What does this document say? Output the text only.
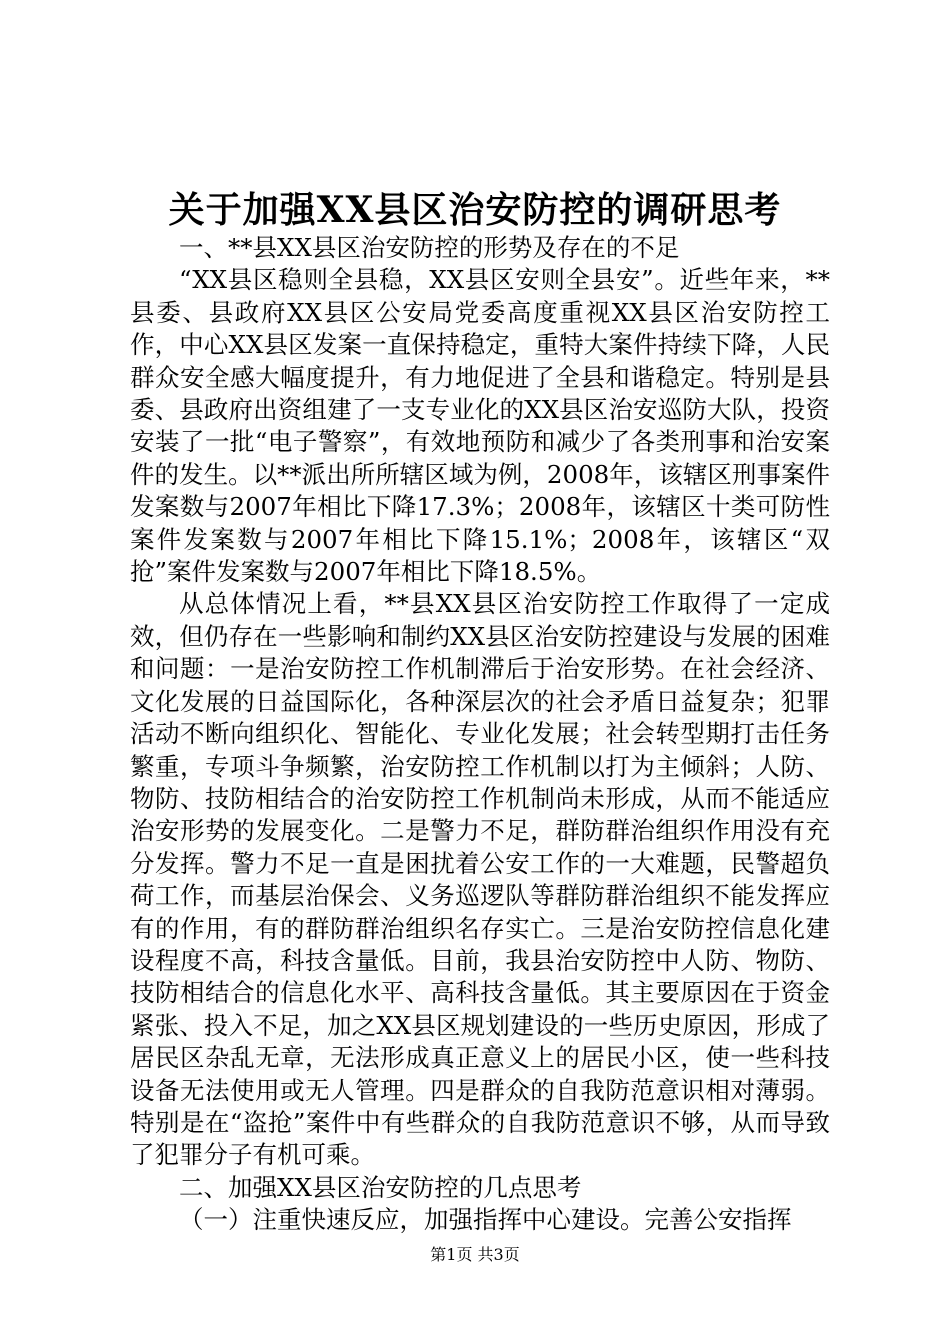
关于加强XX县区治安防控的调研思考

一、**县XX县区治安防控的形势及存在的不足

“XX县区稳则全县稳，XX县区安则全县安”。近些年来，**县委、县政府XX县区公安局党委高度重视XX县区治安防控工作，中心XX县区发案一直保持稳定，重特大案件持续下降，人民群众安全感大幅度提升，有力地促进了全县和谐稳定。特别是县委、县政府出资组建了一支专业化的XX县区治安巡防大队，投资安装了一批“电子警察”，有效地预防和减少了各类刑事和治安案件的发生。以**派出所所辖区域为例，2008年，该辖区刑事案件发案数与2007年相比下降17.3%；2008年，该辖区十类可防性案件发案数与2007年相比下降15.1%；2008年，该辖区“双抢”案件发案数与2007年相比下降18.5%。

从总体情况上看，**县XX县区治安防控工作取得了一定成效，但仍存在一些影响和制约XX县区治安防控建设与发展的困难和问题：一是治安防控工作机制滞后于治安形势。在社会经济、文化发展的日益国际化，各种深层次的社会矛盾日益复杂；犯罪活动不断向组织化、智能化、专业化发展；社会转型期打击任务繁重，专项斗争频繁，治安防控工作机制以打为主倾斜；人防、物防、技防相结合的治安防控工作机制尚未形成，从而不能适应治安形势的发展变化。二是警力不足，群防群治组织作用没有充分发挥。警力不足一直是困扰着公安工作的一大难题，民警超负荷工作，而基层治保会、义务巡逻队等群防群治组织不能发挥应有的作用，有的群防群治组织名存实亡。三是治安防控信息化建设程度不高，科技含量低。目前，我县治安防控中人防、物防、技防相结合的信息化水平、高科技含量低。其主要原因在于资金紧张、投入不足，加之XX县区规划建设的一些历史原因，形成了居民区杂乱无章，无法形成真正意义上的居民小区，使一些科技设备无法使用或无人管理。四是群众的自我防范意识相对薄弱。特别是在“盗抢”案件中有些群众的自我防范意识不够，从而导致了犯罪分子有机可乘。

二、加强XX县区治安防控的几点思考

（一）注重快速反应，加强指挥中心建设。完善公安指挥

第1页 共3页
